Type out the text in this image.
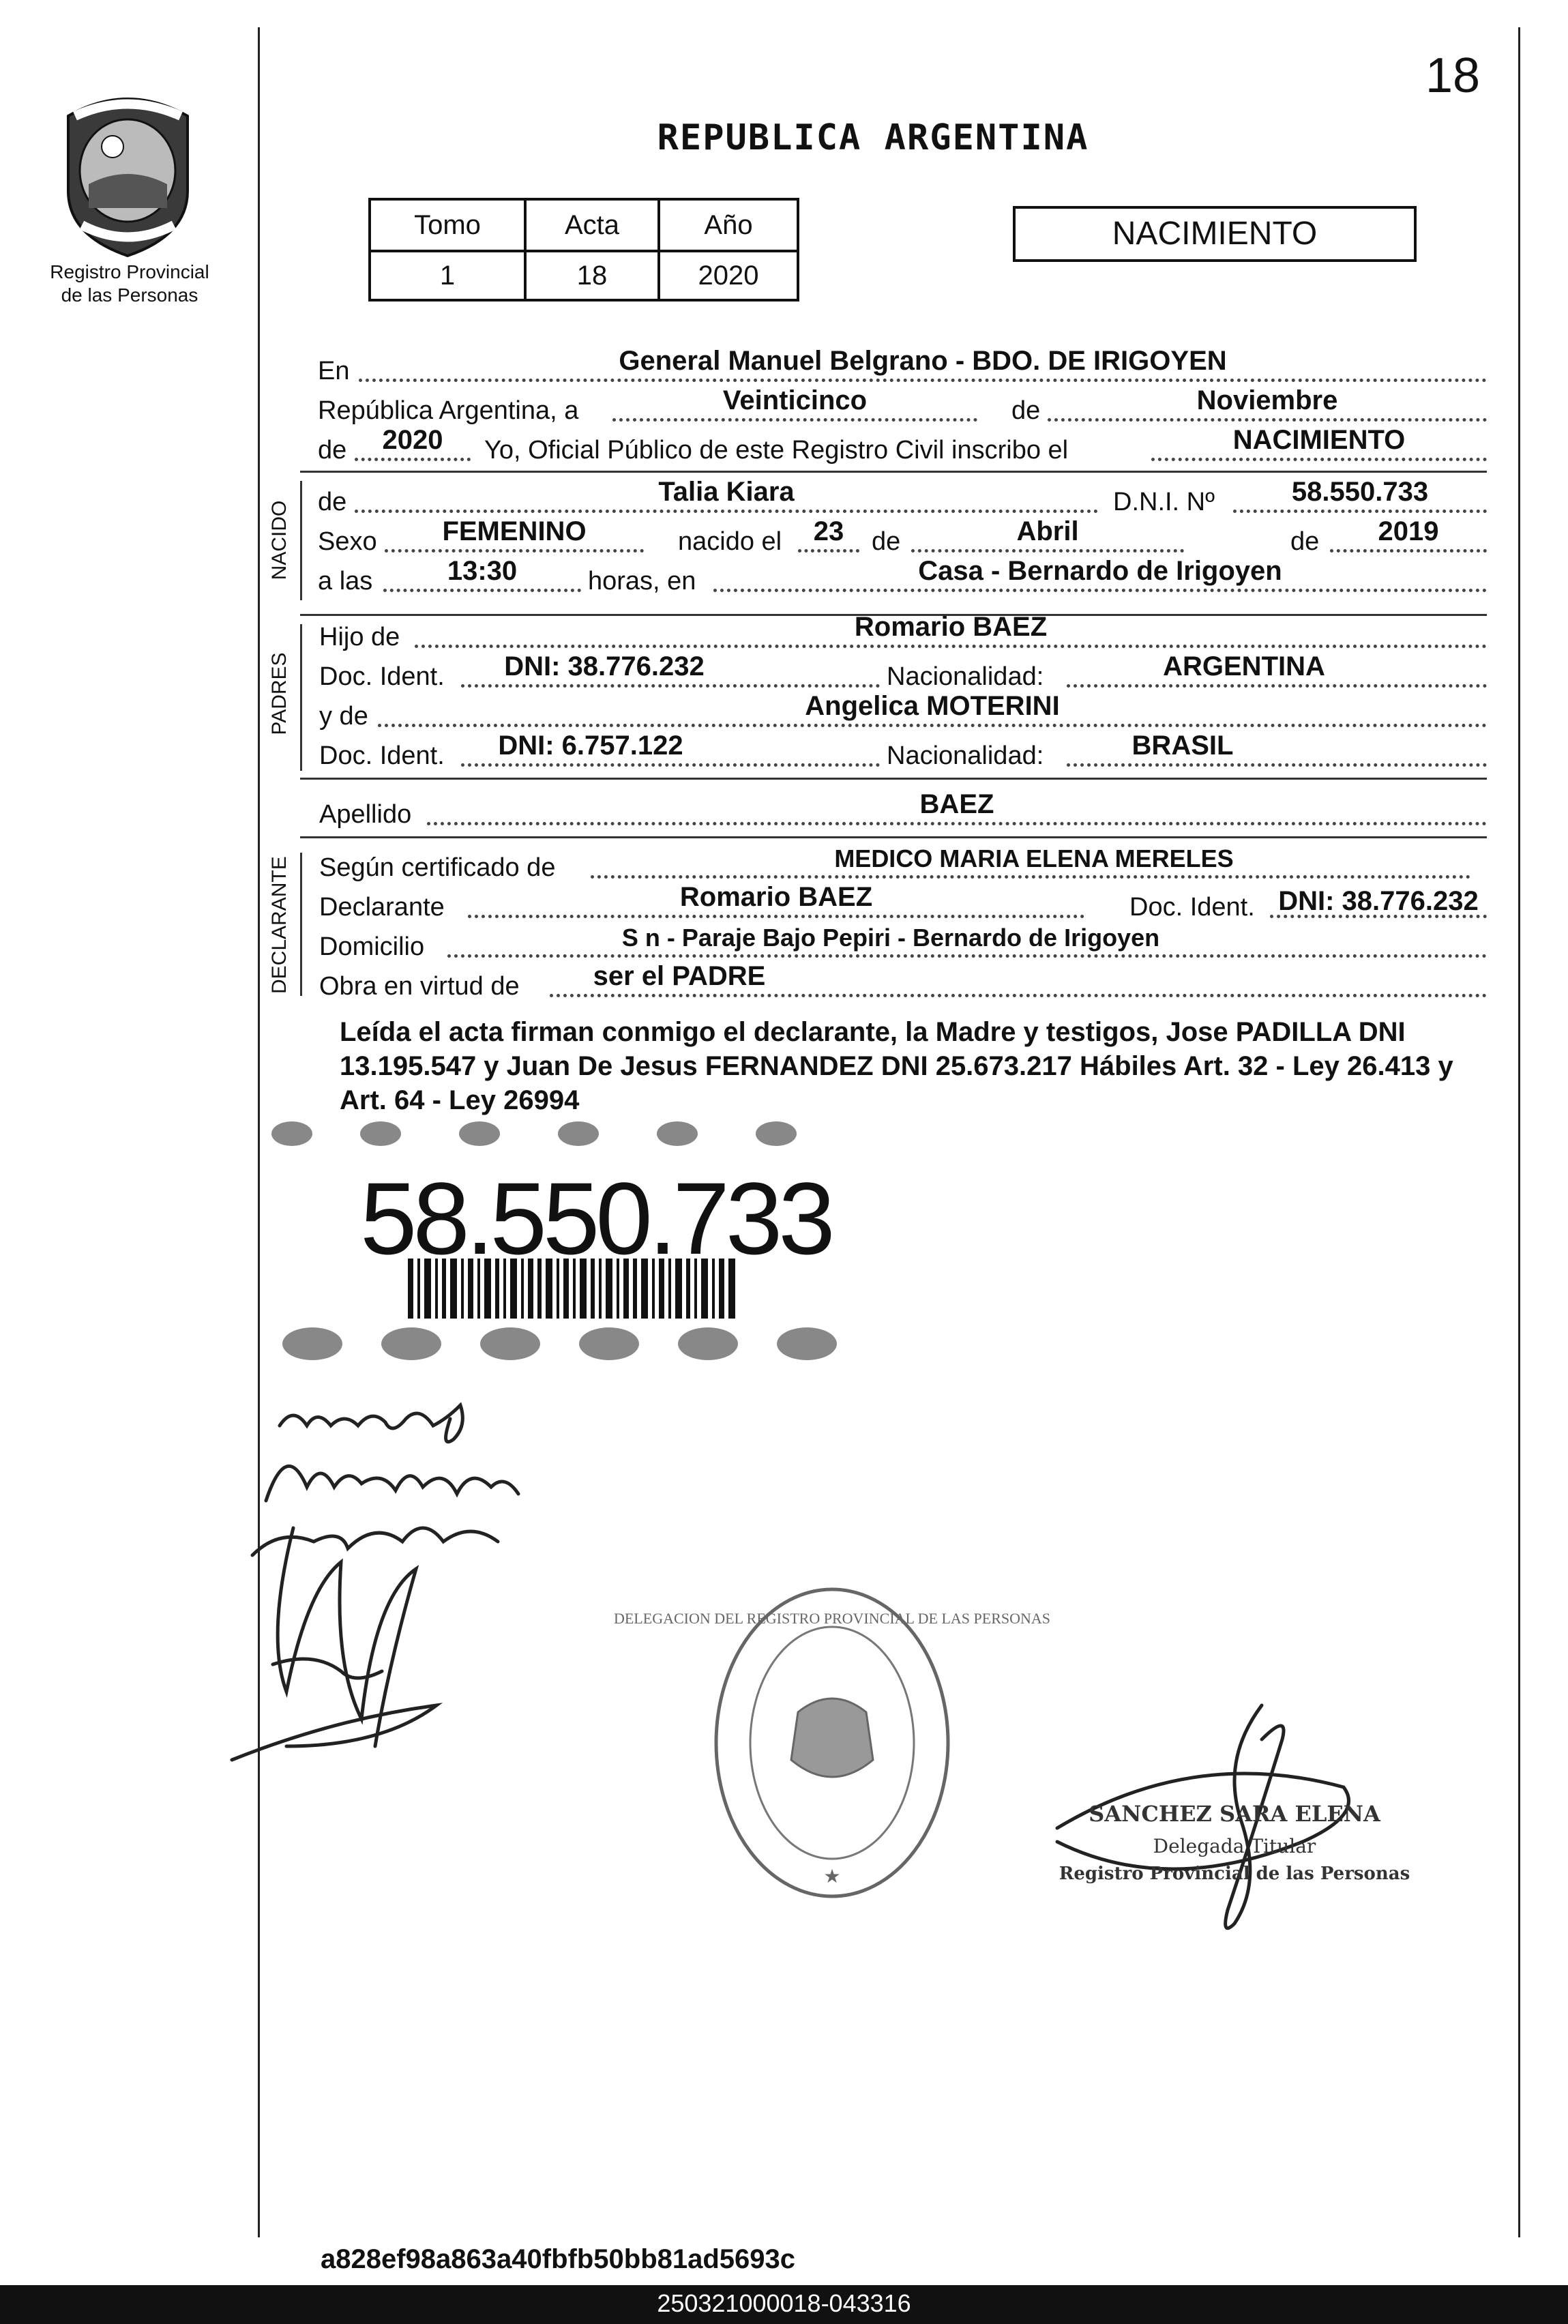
18
Registro Provincial
de las Personas
REPUBLICA ARGENTINA
Tomo	Acta	Año
1	18	2020
NACIMIENTO
En	General Manuel Belgrano - BDO. DE IRIGOYEN
República Argentina, a	Veinticinco	de	Noviembre
de	2020	Yo, Oficial Público de este Registro Civil inscribo el	NACIMIENTO
NACIDO de	Talia Kiara	D.N.I. Nº	58.550.733
Sexo	FEMENINO	nacido el	23	de	Abril	de	2019
a las	13:30	horas, en	Casa - Bernardo de Irigoyen
PADRES
Hijo de	Romario BAEZ
Doc. Ident.	DNI: 38.776.232	Nacionalidad:	ARGENTINA
y de	Angelica MOTERINI
Doc. Ident.	DNI: 6.757.122	Nacionalidad:	BRASIL
Apellido	BAEZ
DECLARANTE Según certificado de	MEDICO MARIA ELENA MERELES
Declarante	Romario BAEZ	Doc. Ident. DNI: 38.776.232
Domicilio	S n - Paraje Bajo Pepiri - Bernardo de Irigoyen
Obra en virtud de	ser el PADRE
Leída el acta firman conmigo el declarante, la Madre y testigos, Jose PADILLA DNI 13.195.547 y Juan De Jesus FERNANDEZ DNI 25.673.217 Hábiles Art. 32 - Ley 26.413 y Art. 64 - Ley 26994
58.550.733
★
DELEGACION DEL REGISTRO PROVINCIAL DE LAS PERSONAS
SANCHEZ SARA ELENA
Delegada Titular
Registro Provincial de las Personas
a828ef98a863a40fbfb50bb81ad5693c
250321000018-043316
